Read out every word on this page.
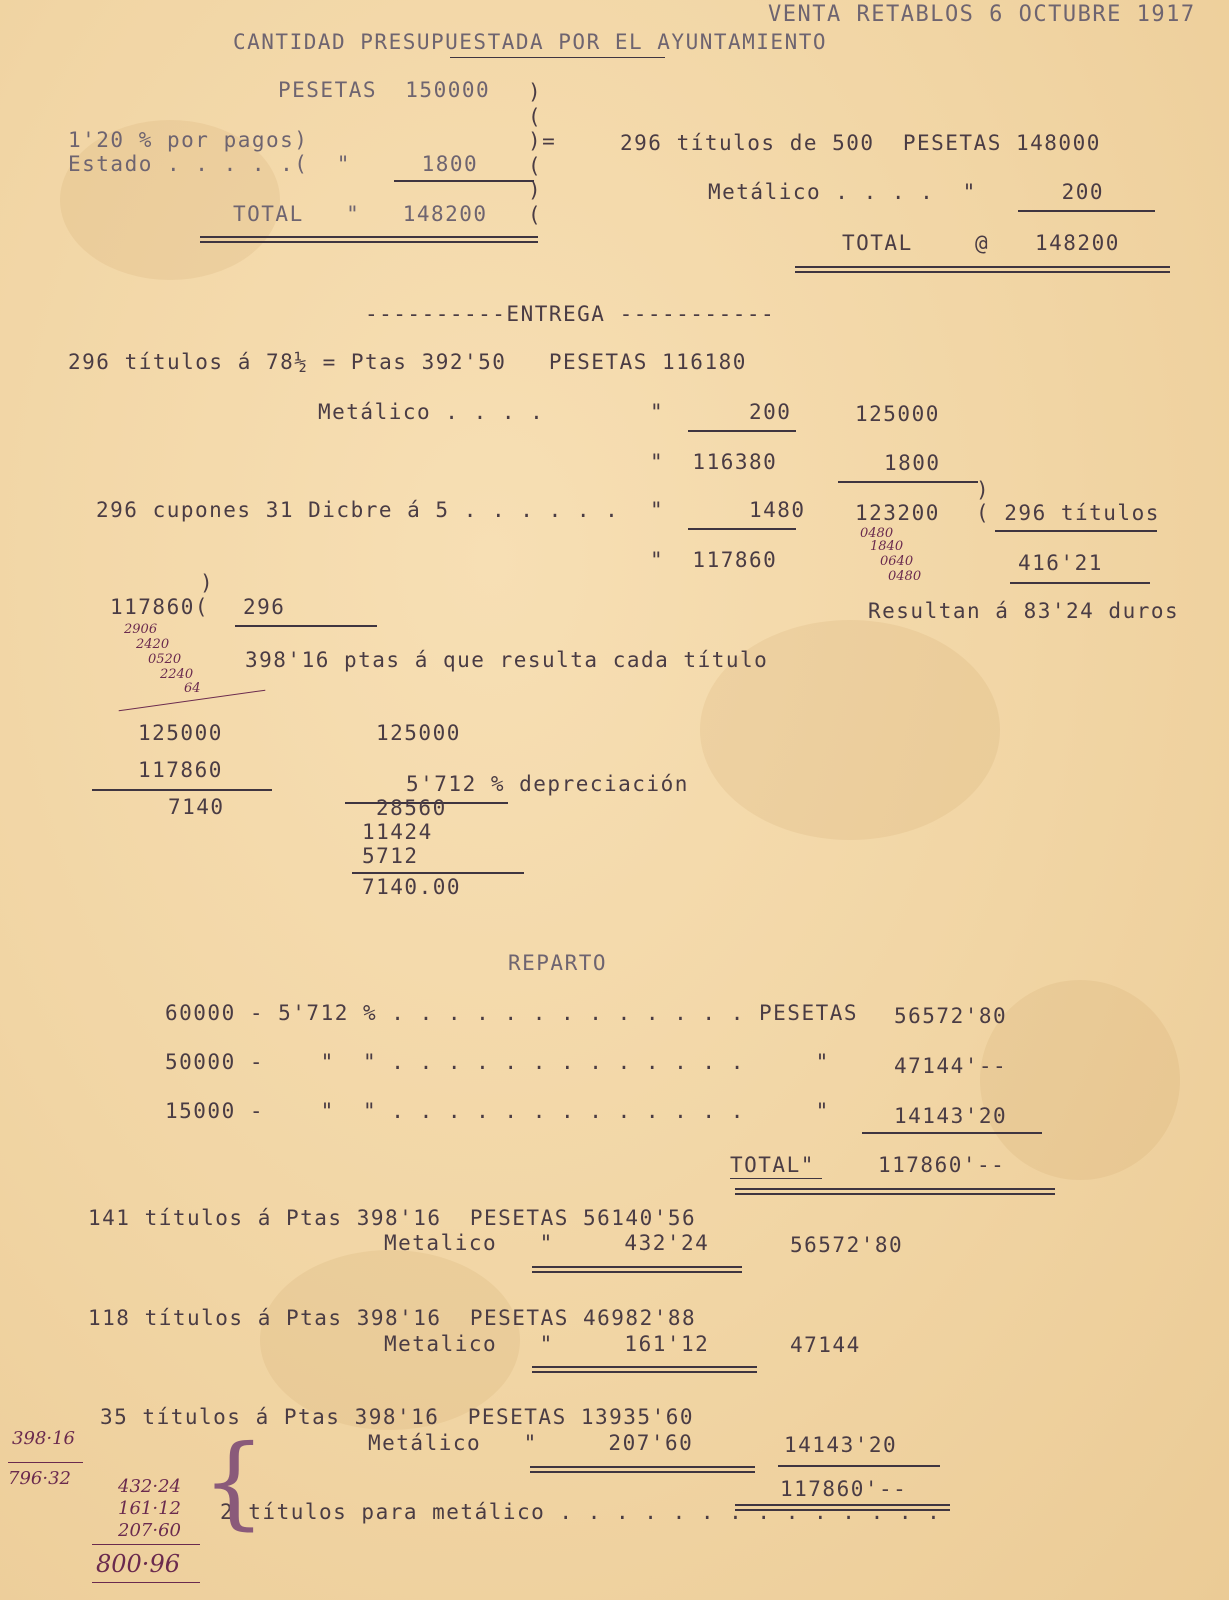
VENTA RETABLOS 6 OCTUBRE 1917
CANTIDAD PRESUPUESTADA POR EL AYUNTAMIENTO
PESETAS  150000 )
(
)=
(
)
(
1'20 % por pagos)
Estado . . . . .(  "     1800
TOTAL   "   148200
296 títulos de 500  PESETAS 148000
Metálico . . . .  "      200
TOTAL	@ 148200
----------ENTREGA -----------
296 títulos á 78½ = Ptas 392'50   PESETAS 116180
Metálico . . . .	"      200
"  116380
296 cupones 31 Dicbre á 5 . . . . . . "      1480
"  117860
125000
1800
)
123200 ( 296 títulos
416'21
Resultan á 83'24 duros
0480
1840
0640
0480
)
117860( 296
2906
2420
0520
2240
64
398'16 ptas á que resulta cada título
125000
117860
7140
125000
5'712 % depreciación
28560
11424
5712
7140.00
REPARTO
60000 - 5'712 % . . . . . . . . . . . . . PESETAS 56572'80
50000 -    "  " . . . . . . . . . . . . .     "	47144'--
15000 -    "  " . . . . . . . . . . . . .     "	14143'20
TOTAL"	117860'--
141 títulos á Ptas 398'16  PESETAS 56140'56
Metalico   "     432'24	56572'80
118 títulos á Ptas 398'16  PESETAS 46982'88
Metalico   "     161'12	47144
35 títulos á Ptas 398'16  PESETAS 13935'60
Metálico   "     207'60	14143'20
117860'--
2 títulos para metálico . . . . . . . . . . . . . .
398·16
796·32 {
432·24
161·12
207·60
800·96
